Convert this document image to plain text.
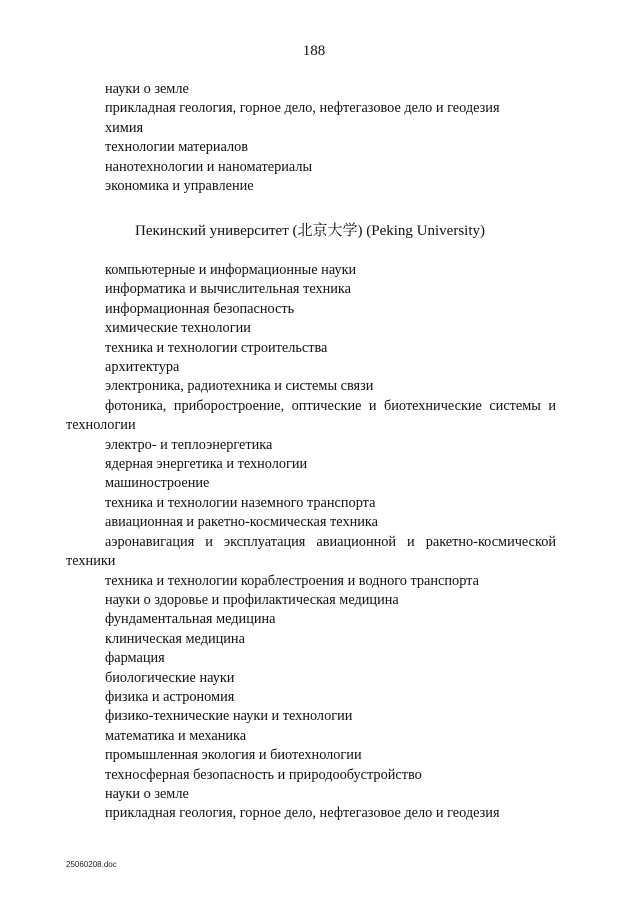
188
науки о земле
прикладная геология, горное дело, нефтегазовое дело и геодезия
химия
технологии материалов
нанотехнологии и наноматериалы
экономика и управление
Пекинский университет (北京大学) (Peking University)
компьютерные и информационные науки
информатика и вычислительная техника
информационная безопасность
химические технологии
техника и технологии строительства
архитектура
электроника, радиотехника и системы связи
фотоника, приборостроение, оптические и биотехнические системы и технологии
электро- и теплоэнергетика
ядерная энергетика и технологии
машиностроение
техника и технологии наземного транспорта
авиационная и ракетно-космическая техника
аэронавигация и эксплуатация авиационной и ракетно-космической техники
техника и технологии кораблестроения и водного транспорта
науки о здоровье и профилактическая медицина
фундаментальная медицина
клиническая медицина
фармация
биологические науки
физика и астрономия
физико-технические науки и технологии
математика и механика
промышленная экология и биотехнологии
техносферная безопасность и природообустройство
науки о земле
прикладная геология, горное дело, нефтегазовое дело и геодезия
25060208.doc
